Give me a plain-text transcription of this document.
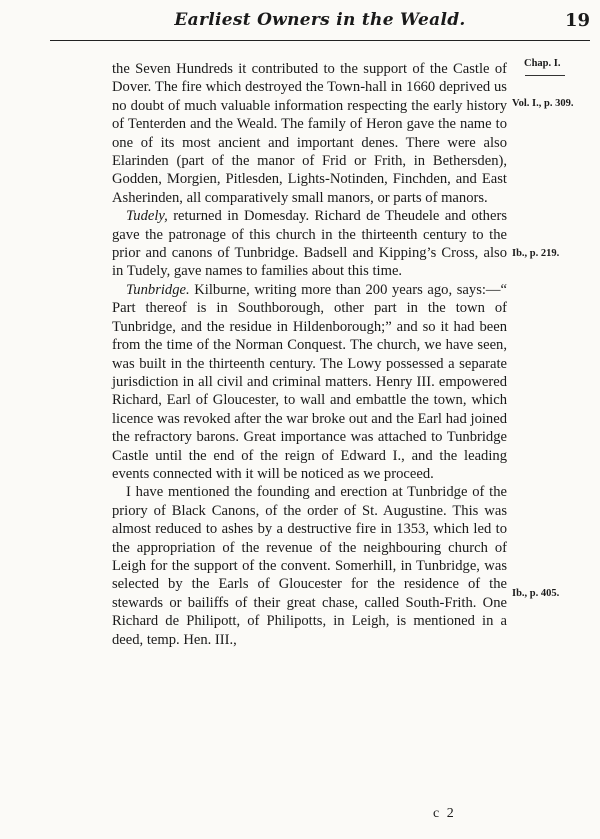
Earliest Owners in the Weald.	19
Chap. I.
Vol. I., p. 309.
Ib., p. 219.
Ib., p. 405.

the Seven Hundreds it contributed to the support of the Castle of Dover. The fire which destroyed the Town-hall in 1660 deprived us no doubt of much valuable information respecting the early history of Tenterden and the Weald. The family of Heron gave the name to one of its most ancient and important denes. There were also Elarinden (part of the manor of Frid or Frith, in Bethersden), Godden, Morgien, Pitlesden, Lights-Notinden, Finchden, and East Asherinden, all comparatively small manors, or parts of manors.

Tudely, returned in Domesday. Richard de Theudele and others gave the patronage of this church in the thirteenth century to the prior and canons of Tunbridge. Badsell and Kipping’s Cross, also in Tudely, gave names to families about this time.

Tunbridge. Kilburne, writing more than 200 years ago, says:—“ Part thereof is in Southborough, other part in the town of Tunbridge, and the residue in Hildenborough;” and so it had been from the time of the Norman Conquest. The church, we have seen, was built in the thirteenth century. The Lowy possessed a separate jurisdiction in all civil and criminal matters. Henry III. empowered Richard, Earl of Gloucester, to wall and embattle the town, which licence was revoked after the war broke out and the Earl had joined the refractory barons. Great importance was attached to Tunbridge Castle until the end of the reign of Edward I., and the leading events connected with it will be noticed as we proceed.

I have mentioned the founding and erection at Tunbridge of the priory of Black Canons, of the order of St. Augustine. This was almost reduced to ashes by a destructive fire in 1353, which led to the appropriation of the revenue of the neighbouring church of Leigh for the support of the convent. Somerhill, in Tunbridge, was selected by the Earls of Gloucester for the residence of the stewards or bailiffs of their great chase, called South-Frith. One Richard de Philipott, of Philipotts, in Leigh, is mentioned in a deed, temp. Hen. III.,

c 2
